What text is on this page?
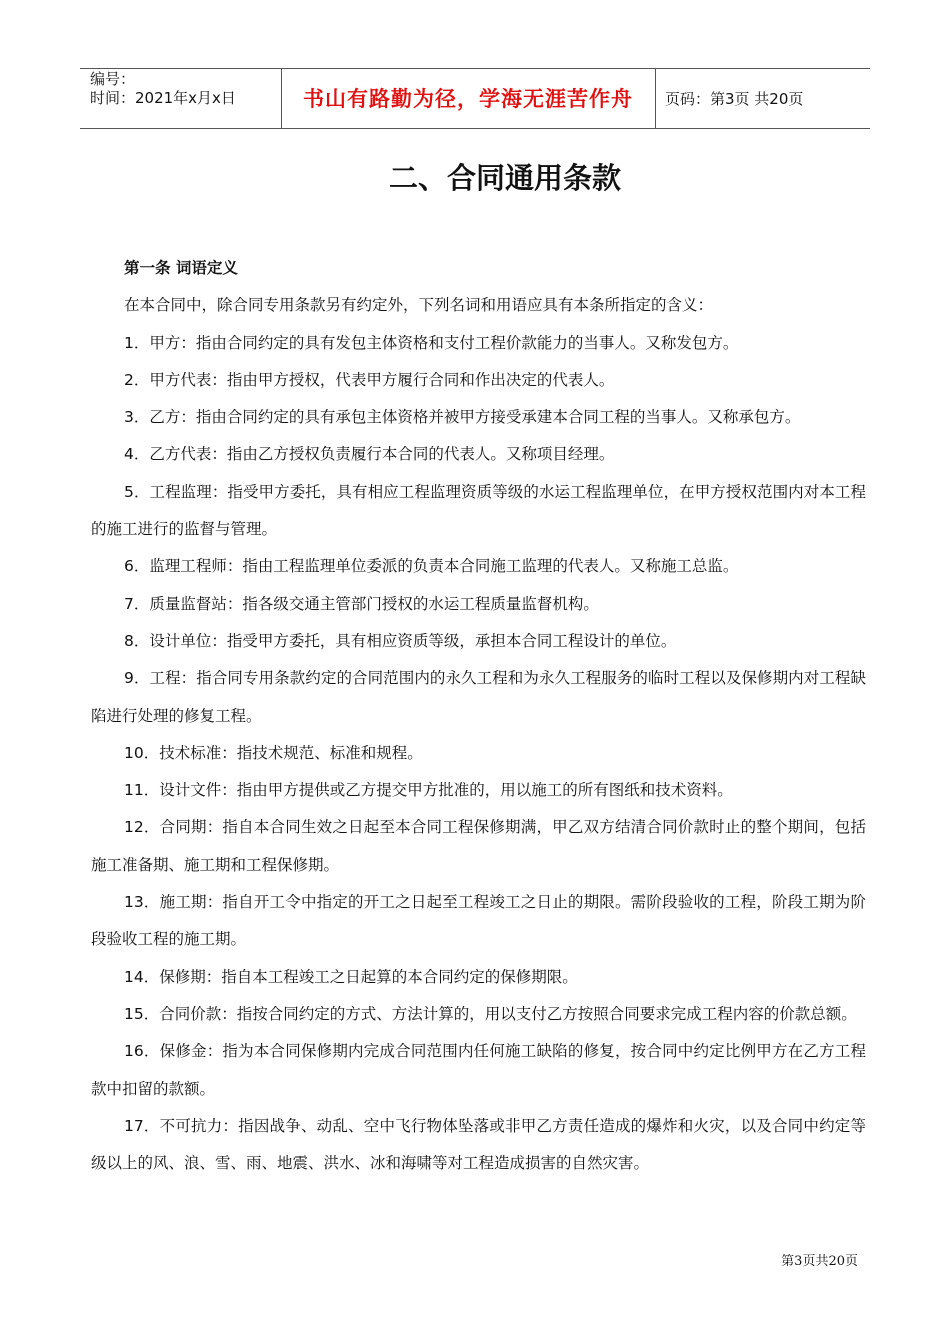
编号：
时间：2021年x月x日	书山有路勤为径，学海无涯苦作舟	页码：第3页 共20页
二、合同通用条款

第一条 词语定义

在本合同中，除合同专用条款另有约定外，下列名词和用语应具有本条所指定的含义：

1．甲方：指由合同约定的具有发包主体资格和支付工程价款能力的当事人。又称发包方。

2．甲方代表：指由甲方授权，代表甲方履行合同和作出决定的代表人。

3．乙方：指由合同约定的具有承包主体资格并被甲方接受承建本合同工程的当事人。又称承包方。

4．乙方代表：指由乙方授权负责履行本合同的代表人。又称项目经理。

5．工程监理：指受甲方委托，具有相应工程监理资质等级的水运工程监理单位，在甲方授权范围内对本工程的施工进行的监督与管理。

6．监理工程师：指由工程监理单位委派的负责本合同施工监理的代表人。又称施工总监。

7．质量监督站：指各级交通主管部门授权的水运工程质量监督机构。

8．设计单位：指受甲方委托，具有相应资质等级，承担本合同工程设计的单位。

9．工程：指合同专用条款约定的合同范围内的永久工程和为永久工程服务的临时工程以及保修期内对工程缺陷进行处理的修复工程。

10．技术标准：指技术规范、标准和规程。

11．设计文件：指由甲方提供或乙方提交甲方批准的，用以施工的所有图纸和技术资料。

12．合同期：指自本合同生效之日起至本合同工程保修期满，甲乙双方结清合同价款时止的整个期间，包括施工准备期、施工期和工程保修期。

13．施工期：指自开工令中指定的开工之日起至工程竣工之日止的期限。需阶段验收的工程，阶段工期为阶段验收工程的施工期。

14．保修期：指自本工程竣工之日起算的本合同约定的保修期限。

15．合同价款：指按合同约定的方式、方法计算的，用以支付乙方按照合同要求完成工程内容的价款总额。

16．保修金：指为本合同保修期内完成合同范围内任何施工缺陷的修复，按合同中约定比例甲方在乙方工程款中扣留的款额。

17．不可抗力：指因战争、动乱、空中飞行物体坠落或非甲乙方责任造成的爆炸和火灾，以及合同中约定等级以上的风、浪、雪、雨、地震、洪水、冰和海啸等对工程造成损害的自然灾害。

第3页共20页
